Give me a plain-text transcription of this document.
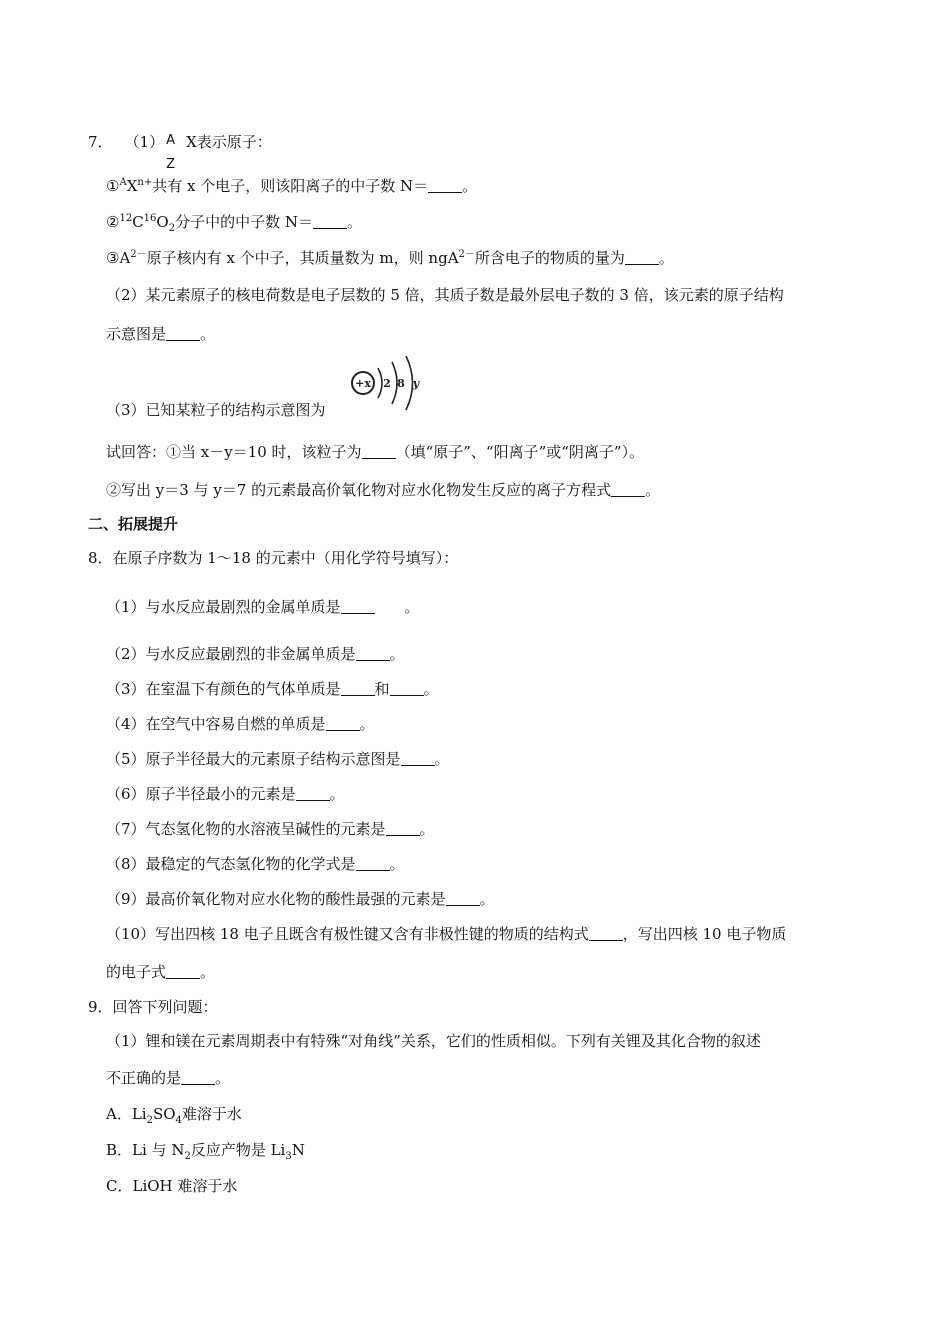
7． （1） A
Z
X表示原子：
$①^AX^{n+}$共有 x 个电子，则该阳离子的中子数 N＝ 。
$②^{12}C^{16}O_2$分子中的中子数 N＝ 。
$③A^{2-}$原子核内有 x 个中子，其质量数为 m，则 ngA$^{2-}$所含电子的物质的量为 。
（2）某元素原子的核电荷数是电子层数的 5 倍，其质子数是最外层电子数的 3 倍，该元素的原子结构
示意图是 。
（3）已知某粒子的结构示意图为
+x 2 8 y
试回答：①当 x－y＝10 时，该粒子为 （填“原子”、“阳离子”或“阴离子”）。
②写出 y＝3 与 y＝7 的元素最高价氧化物对应水化物发生反应的离子方程式 。
二、拓展提升
8．在原子序数为 1～18 的元素中（用化学符号填写）：
（1）与水反应最剧烈的金属单质是	。
（2）与水反应最剧烈的非金属单质是 。
（3）在室温下有颜色的气体单质是 和 。
（4）在空气中容易自燃的单质是 。
（5）原子半径最大的元素原子结构示意图是 。
（6）原子半径最小的元素是 。
（7）气态氢化物的水溶液呈碱性的元素是 。
（8）最稳定的气态氢化物的化学式是 。
（9）最高价氧化物对应水化物的酸性最强的元素是 。
（10）写出四核 18 电子且既含有极性键又含有非极性键的物质的结构式 ，写出四核 10 电子物质
的电子式 。
9．回答下列问题：
（1）锂和镁在元素周期表中有特殊“对角线”关系，它们的性质相似。下列有关锂及其化合物的叙述
不正确的是 。
A．$Li_2SO_4$难溶于水
B．Li 与 $N_2$反应产物是 $Li_3N$
C．LiOH 难溶于水
